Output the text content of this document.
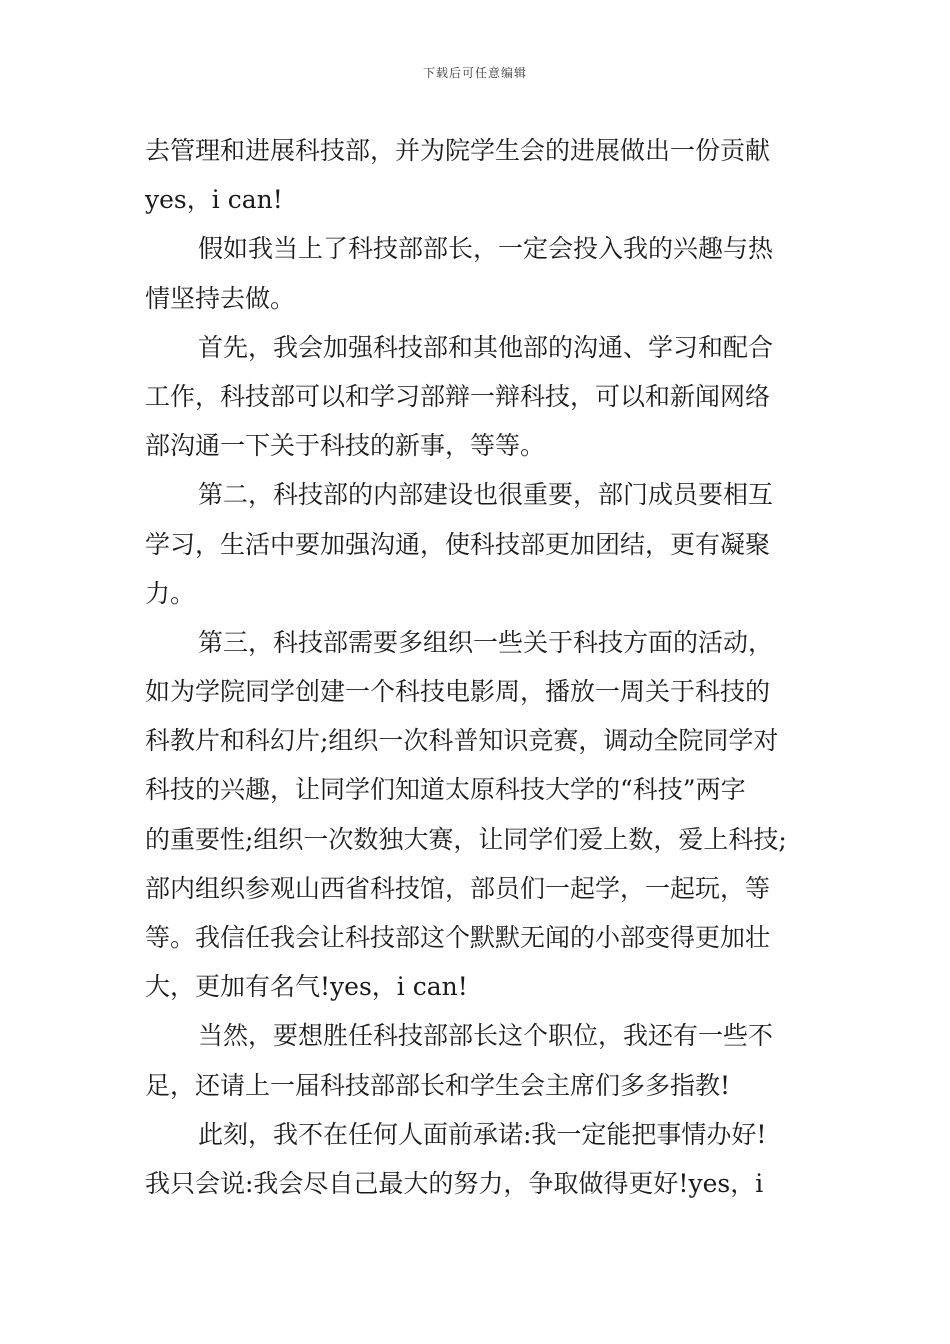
下载后可任意编辑
去管理和进展科技部，并为院学生会的进展做出一份贡献
yes，i can!
假如我当上了科技部部长，一定会投入我的兴趣与热
情坚持去做。
首先，我会加强科技部和其他部的沟通、学习和配合
工作，科技部可以和学习部辩一辩科技，可以和新闻网络
部沟通一下关于科技的新事，等等。
第二，科技部的内部建设也很重要，部门成员要相互
学习，生活中要加强沟通，使科技部更加团结，更有凝聚
力。
第三，科技部需要多组织一些关于科技方面的活动，
如为学院同学创建一个科技电影周，播放一周关于科技的
科教片和科幻片;组织一次科普知识竞赛，调动全院同学对
科技的兴趣，让同学们知道太原科技大学的“科技”两字
的重要性;组织一次数独大赛，让同学们爱上数，爱上科技;
部内组织参观山西省科技馆，部员们一起学，一起玩，等
等。我信任我会让科技部这个默默无闻的小部变得更加壮
大，更加有名气!yes，i can!
当然，要想胜任科技部部长这个职位，我还有一些不
足，还请上一届科技部部长和学生会主席们多多指教!
此刻，我不在任何人面前承诺:我一定能把事情办好!
我只会说:我会尽自己最大的努力，争取做得更好!yes，i
